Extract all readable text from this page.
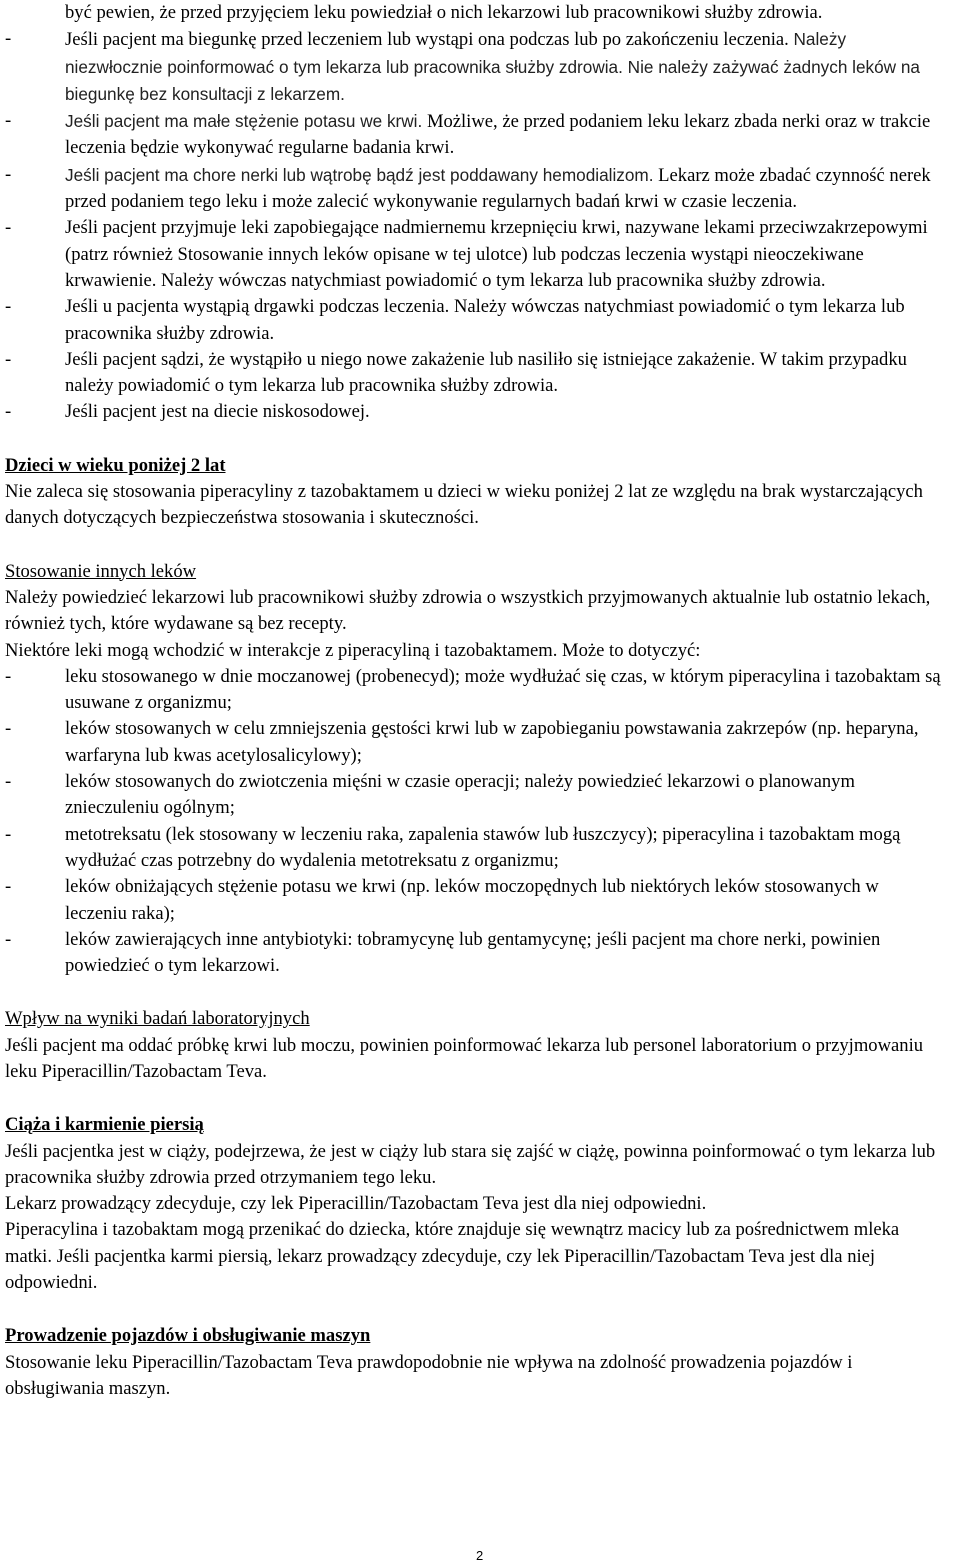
być pewien, że przed przyjęciem leku powiedział o nich lekarzowi lub pracownikowi służby zdrowia.

-	Jeśli pacjent ma biegunkę przed leczeniem lub wystąpi ona podczas lub po zakończeniu leczenia. Należy niezwłocznie poinformować o tym lekarza lub pracownika służby zdrowia. Nie należy zażywać żadnych leków na biegunkę bez konsultacji z lekarzem.
-	Jeśli pacjent ma małe stężenie potasu we krwi. Możliwe, że przed podaniem leku lekarz zbada nerki oraz w trakcie leczenia będzie wykonywać regularne badania krwi.
-	Jeśli pacjent ma chore nerki lub wątrobę bądź jest poddawany hemodializom. Lekarz może zbadać czynność nerek przed podaniem tego leku i może zalecić wykonywanie regularnych badań krwi w czasie leczenia.
-	Jeśli pacjent przyjmuje leki zapobiegające nadmiernemu krzepnięciu krwi, nazywane lekami przeciwzakrzepowymi (patrz również Stosowanie innych leków opisane w tej ulotce) lub podczas leczenia wystąpi nieoczekiwane krwawienie. Należy wówczas natychmiast powiadomić o tym lekarza lub pracownika służby zdrowia.
-	Jeśli u pacjenta wystąpią drgawki podczas leczenia. Należy wówczas natychmiast powiadomić o tym lekarza lub pracownika służby zdrowia.
-	Jeśli pacjent sądzi, że wystąpiło u niego nowe zakażenie lub nasiliło się istniejące zakażenie. W takim przypadku należy powiadomić o tym lekarza lub pracownika służby zdrowia.
-	Jeśli pacjent jest na diecie niskosodowej.

Dzieci w wieku poniżej 2 lat

Nie zaleca się stosowania piperacyliny z tazobaktamem u dzieci w wieku poniżej 2 lat ze względu na brak wystarczających danych dotyczących bezpieczeństwa stosowania i skuteczności.

Stosowanie innych leków

Należy powiedzieć lekarzowi lub pracownikowi służby zdrowia o wszystkich przyjmowanych aktualnie lub ostatnio lekach, również tych, które wydawane są bez recepty.

Niektóre leki mogą wchodzić w interakcje z piperacyliną i tazobaktamem. Może to dotyczyć:

-	leku stosowanego w dnie moczanowej (probenecyd); może wydłużać się czas, w którym piperacylina i tazobaktam są usuwane z organizmu;
-	leków stosowanych w celu zmniejszenia gęstości krwi lub w zapobieganiu powstawania zakrzepów (np. heparyna, warfaryna lub kwas acetylosalicylowy);
-	leków stosowanych do zwiotczenia mięśni w czasie operacji; należy powiedzieć lekarzowi o planowanym znieczuleniu ogólnym;
-	metotreksatu (lek stosowany w leczeniu raka, zapalenia stawów lub łuszczycy); piperacylina i tazobaktam mogą wydłużać czas potrzebny do wydalenia metotreksatu z organizmu;
-	leków obniżających stężenie potasu we krwi (np. leków moczopędnych lub niektórych leków stosowanych w leczeniu raka);
-	leków zawierających inne antybiotyki: tobramycynę lub gentamycynę; jeśli pacjent ma chore nerki, powinien powiedzieć o tym lekarzowi.

Wpływ na wyniki badań laboratoryjnych

Jeśli pacjent ma oddać próbkę krwi lub moczu, powinien poinformować lekarza lub personel laboratorium o przyjmowaniu leku Piperacillin/Tazobactam Teva.

Ciąża i karmienie piersią

Jeśli pacjentka jest w ciąży, podejrzewa, że jest w ciąży lub stara się zajść w ciążę, powinna poinformować o tym lekarza lub pracownika służby zdrowia przed otrzymaniem tego leku.

Lekarz prowadzący zdecyduje, czy lek Piperacillin/Tazobactam Teva jest dla niej odpowiedni.

Piperacylina i tazobaktam mogą przenikać do dziecka, które znajduje się wewnątrz macicy lub za pośrednictwem mleka matki. Jeśli pacjentka karmi piersią, lekarz prowadzący zdecyduje, czy lek Piperacillin/Tazobactam Teva jest dla niej odpowiedni.

Prowadzenie pojazdów i obsługiwanie maszyn

Stosowanie leku Piperacillin/Tazobactam Teva prawdopodobnie nie wpływa na zdolność prowadzenia pojazdów i obsługiwania maszyn.

2
